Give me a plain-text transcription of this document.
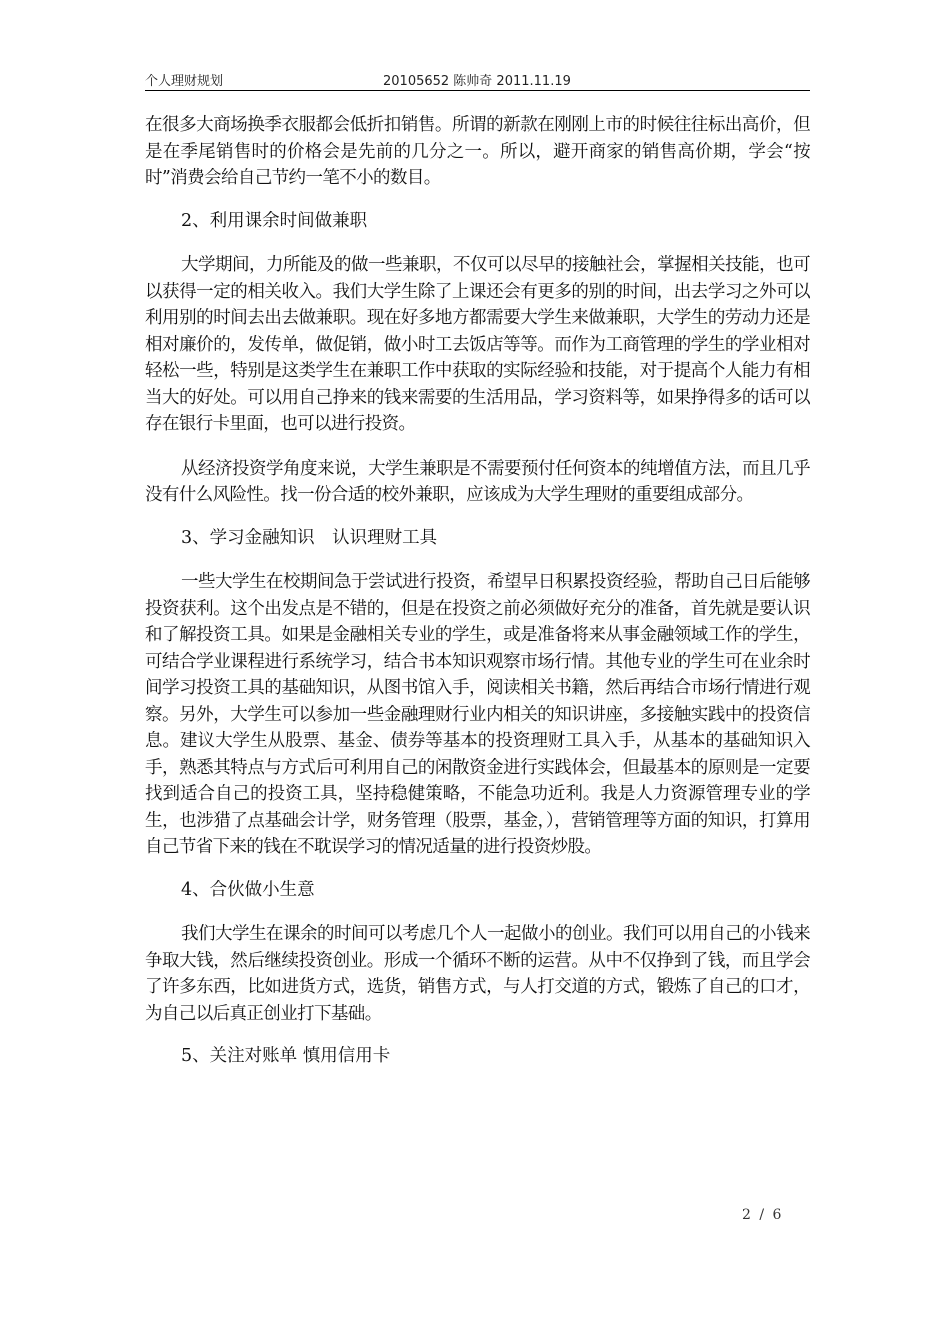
个人理财规划	20105652 陈帅奇 2011.11.19

在很多大商场换季衣服都会低折扣销售。所谓的新款在刚刚上市的时候往往标出高价，但是在季尾销售时的价格会是先前的几分之一。所以，避开商家的销售高价期，学会“按时”消费会给自己节约一笔不小的数目。

2、利用课余时间做兼职

大学期间，力所能及的做一些兼职，不仅可以尽早的接触社会，掌握相关技能，也可以获得一定的相关收入。我们大学生除了上课还会有更多的别的时间，出去学习之外可以利用别的时间去出去做兼职。现在好多地方都需要大学生来做兼职，大学生的劳动力还是相对廉价的，发传单，做促销，做小时工去饭店等等。而作为工商管理的学生的学业相对轻松一些，特别是这类学生在兼职工作中获取的实际经验和技能，对于提高个人能力有相当大的好处。可以用自己挣来的钱来需要的生活用品，学习资料等，如果挣得多的话可以存在银行卡里面，也可以进行投资。

从经济投资学角度来说，大学生兼职是不需要预付任何资本的纯增值方法，而且几乎没有什么风险性。找一份合适的校外兼职，应该成为大学生理财的重要组成部分。

3、学习金融知识　认识理财工具

一些大学生在校期间急于尝试进行投资，希望早日积累投资经验，帮助自己日后能够投资获利。这个出发点是不错的，但是在投资之前必须做好充分的准备，首先就是要认识和了解投资工具。如果是金融相关专业的学生，或是准备将来从事金融领域工作的学生，可结合学业课程进行系统学习，结合书本知识观察市场行情。其他专业的学生可在业余时间学习投资工具的基础知识，从图书馆入手，阅读相关书籍，然后再结合市场行情进行观察。另外，大学生可以参加一些金融理财行业内相关的知识讲座，多接触实践中的投资信息。建议大学生从股票、基金、债券等基本的投资理财工具入手，从基本的基础知识入手，熟悉其特点与方式后可利用自己的闲散资金进行实践体会，但最基本的原则是一定要找到适合自己的投资工具，坚持稳健策略，不能急功近利。我是人力资源管理专业的学生，也涉猎了点基础会计学，财务管理（股票，基金，），营销管理等方面的知识，打算用自己节省下来的钱在不耽误学习的情况适量的进行投资炒股。

4、合伙做小生意

我们大学生在课余的时间可以考虑几个人一起做小的创业。我们可以用自己的小钱来争取大钱，然后继续投资创业。形成一个循环不断的运营。从中不仅挣到了钱，而且学会了许多东西，比如进货方式，选货，销售方式，与人打交道的方式，锻炼了自己的口才，为自己以后真正创业打下基础。

5、关注对账单 慎用信用卡

2 / 6
